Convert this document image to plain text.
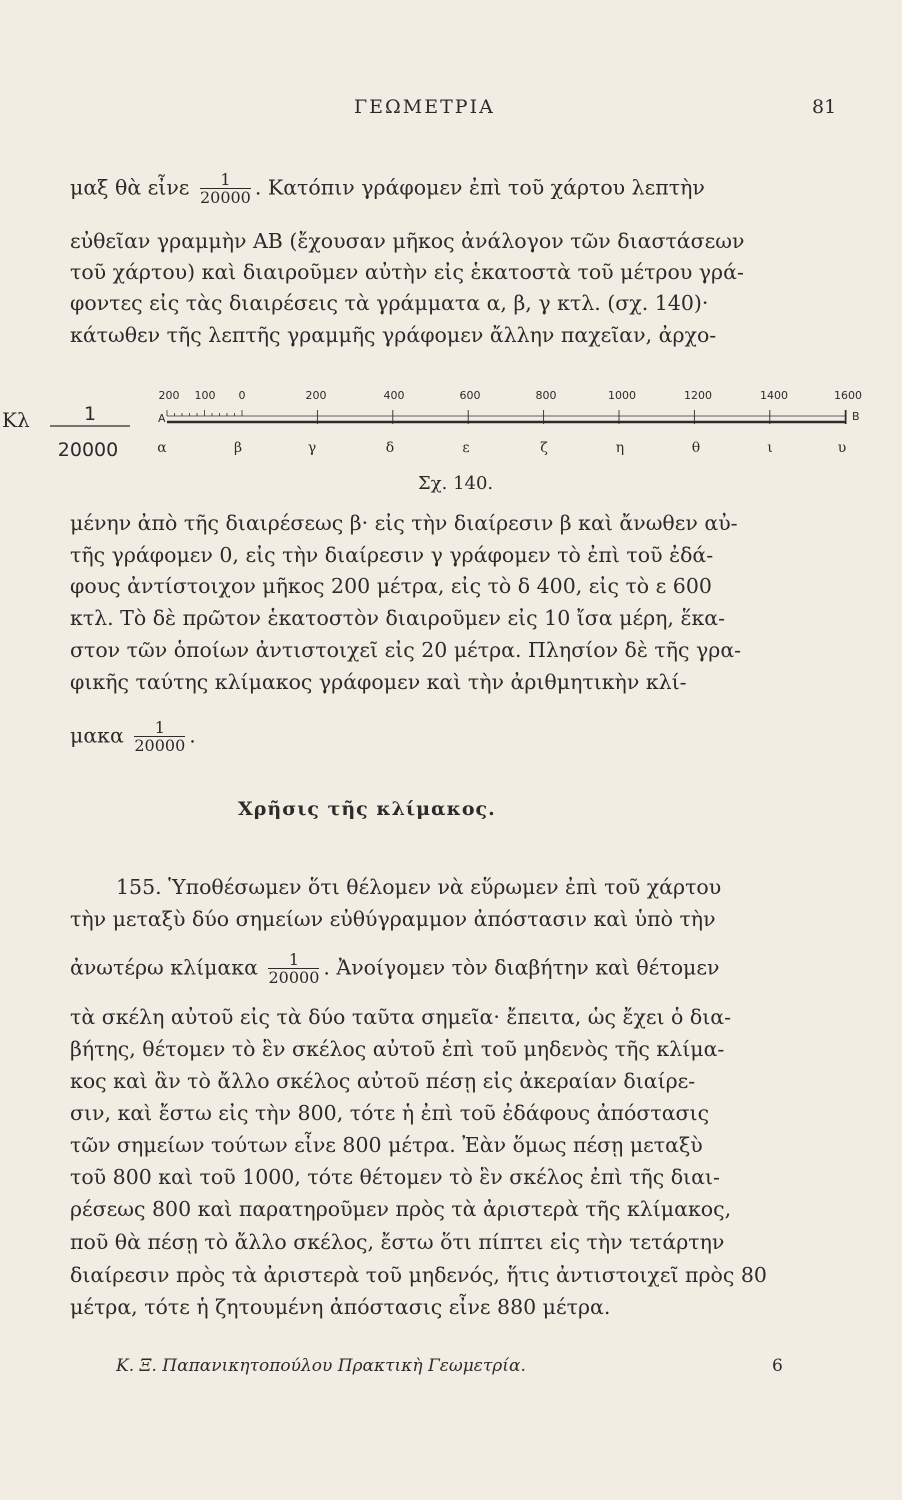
ΓΕΩΜΕΤΡΙΑ	81
μαξ θὰ εἶνε $\frac{1}{20000}$ . Κατόπιν γράφομεν ἐπὶ τοῦ χάρτου λεπτὴν
εὐθεῖαν γραμμὴν ΑΒ (ἔχουσαν μῆκος ἀνάλογον τῶν διαστάσεων
τοῦ χάρτου) καὶ διαιροῦμεν αὐτὴν εἰς ἑκατοστὰ τοῦ μέτρου γρά-
φοντες εἰς τὰς διαιρέσεις τὰ γράμματα α, β, γ κτλ. (σχ. 140)·
κάτωθεν τῆς λεπτῆς γραμμῆς γράφομεν ἄλλην παχεῖαν, ἀρχο-
Κλ	1
20000
200 100 0	200	400	600	800	1000	1200	1400	1600
Α	Β
α	β	γ	δ	ε	ζ	η	θ	ι	υ
Σχ. 140.
μένην ἀπὸ τῆς διαιρέσεως β· εἰς τὴν διαίρεσιν β καὶ ἄνωθεν αὐ-
τῆς γράφομεν 0, εἰς τὴν διαίρεσιν γ γράφομεν τὸ ἐπὶ τοῦ ἐδά-
φους ἀντίστοιχον μῆκος 200 μέτρα, εἰς τὸ δ 400, εἰς τὸ ε 600
κτλ. Τὸ δὲ πρῶτον ἑκατοστὸν διαιροῦμεν εἰς 10 ἴσα μέρη, ἕκα-
στον τῶν ὁποίων ἀντιστοιχεῖ εἰς 20 μέτρα. Πλησίον δὲ τῆς γρα-
φικῆς ταύτης κλίμακος γράφομεν καὶ τὴν ἀριθμητικὴν κλί-
μακα $\frac{1}{20000}$ .
Χρῆσις τῆς κλίμακος.
155. Ὑποθέσωμεν ὅτι θέλομεν νὰ εὕρωμεν ἐπὶ τοῦ χάρτου
τὴν μεταξὺ δύο σημείων εὐθύγραμμον ἀπόστασιν καὶ ὑπὸ τὴν
ἀνωτέρω κλίμακα $\frac{1}{20000}$ . Ἀνοίγομεν τὸν διαβήτην καὶ θέτομεν
τὰ σκέλη αὐτοῦ εἰς τὰ δύο ταῦτα σημεῖα· ἔπειτα, ὡς ἔχει ὁ δια-
βήτης, θέτομεν τὸ ἓν σκέλος αὐτοῦ ἐπὶ τοῦ μηδενὸς τῆς κλίμα-
κος καὶ ἂν τὸ ἄλλο σκέλος αὐτοῦ πέσῃ εἰς ἀκεραίαν διαίρε-
σιν, καὶ ἔστω εἰς τὴν 800, τότε ἡ ἐπὶ τοῦ ἐδάφους ἀπόστασις
τῶν σημείων τούτων εἶνε 800 μέτρα. Ἐὰν ὅμως πέσῃ μεταξὺ
τοῦ 800 καὶ τοῦ 1000, τότε θέτομεν τὸ ἓν σκέλος ἐπὶ τῆς διαι-
ρέσεως 800 καὶ παρατηροῦμεν πρὸς τὰ ἀριστερὰ τῆς κλίμακος,
ποῦ θὰ πέσῃ τὸ ἄλλο σκέλος, ἔστω ὅτι πίπτει εἰς τὴν τετάρτην
διαίρεσιν πρὸς τὰ ἀριστερὰ τοῦ μηδενός, ἥτις ἀντιστοιχεῖ πρὸς 80
μέτρα, τότε ἡ ζητουμένη ἀπόστασις εἶνε 880 μέτρα.
Κ. Ξ. Παπανικητοπούλου Πρακτικὴ Γεωμετρία.	6
